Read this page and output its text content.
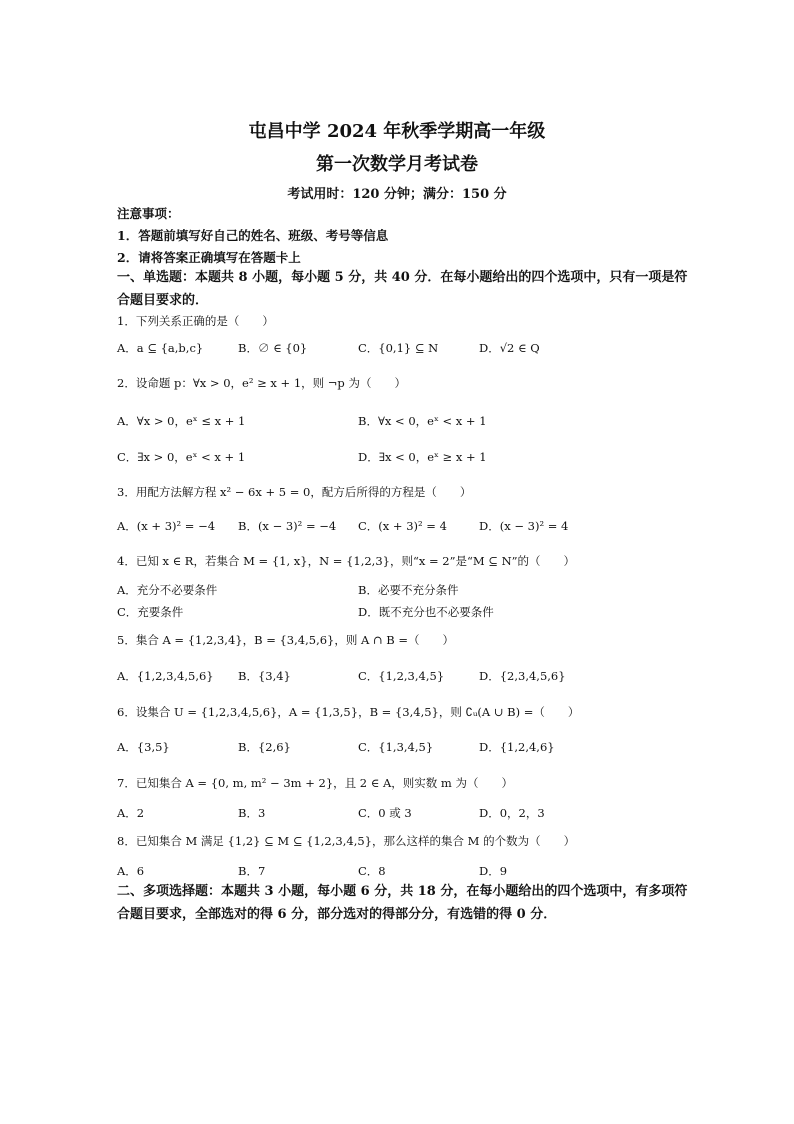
屯昌中学 2024 年秋季学期高一年级
第一次数学月考试卷
考试用时：120 分钟；满分：150 分
注意事项：
1．答题前填写好自己的姓名、班级、考号等信息
2．请将答案正确填写在答题卡上
一、单选题：本题共 8 小题，每小题 5 分，共 40 分．在每小题给出的四个选项中，只有一项是符合题目要求的．
1．下列关系正确的是（　　）
A．a ⊆ {a,b,c}	B．∅ ∈ {0}	C．{0,1} ⊆ N	D．√2 ∈ Q
2．设命题 p：∀x > 0，e² ≥ x + 1，则 ¬p 为（　　）
A．∀x > 0，eˣ ≤ x + 1	B．∀x < 0，eˣ < x + 1
C．∃x > 0，eˣ < x + 1	D．∃x < 0，eˣ ≥ x + 1
3．用配方法解方程 x² − 6x + 5 = 0，配方后所得的方程是（　　）
A．(x + 3)² = −4 B．(x − 3)² = −4 C．(x + 3)² = 4	D．(x − 3)² = 4
4．已知 x ∈ R，若集合 M = {1, x}，N = {1,2,3}，则“x = 2”是“M ⊆ N”的（　　）
A．充分不必要条件	B．必要不充分条件
C．充要条件	D．既不充分也不必要条件
5．集合 A = {1,2,3,4}，B = {3,4,5,6}，则 A ∩ B =（　　）
A．{1,2,3,4,5,6} B．{3,4}	C．{1,2,3,4,5}	D．{2,3,4,5,6}
6．设集合 U = {1,2,3,4,5,6}，A = {1,3,5}，B = {3,4,5}，则 ∁ᵤ(A ∪ B) =（　　）
A．{3,5}	B．{2,6}	C．{1,3,4,5}	D．{1,2,4,6}
7．已知集合 A = {0, m, m² − 3m + 2}，且 2 ∈ A，则实数 m 为（　　）
A．2	B．3	C．0 或 3	D．0，2，3
8．已知集合 M 满足 {1,2} ⊆ M ⊆ {1,2,3,4,5}，那么这样的集合 M 的个数为（　　）
A．6	B．7	C．8	D．9
二、多项选择题：本题共 3 小题，每小题 6 分，共 18 分，在每小题给出的四个选项中，有多项符合题目要求，全部选对的得 6 分，部分选对的得部分分，有选错的得 0 分．
